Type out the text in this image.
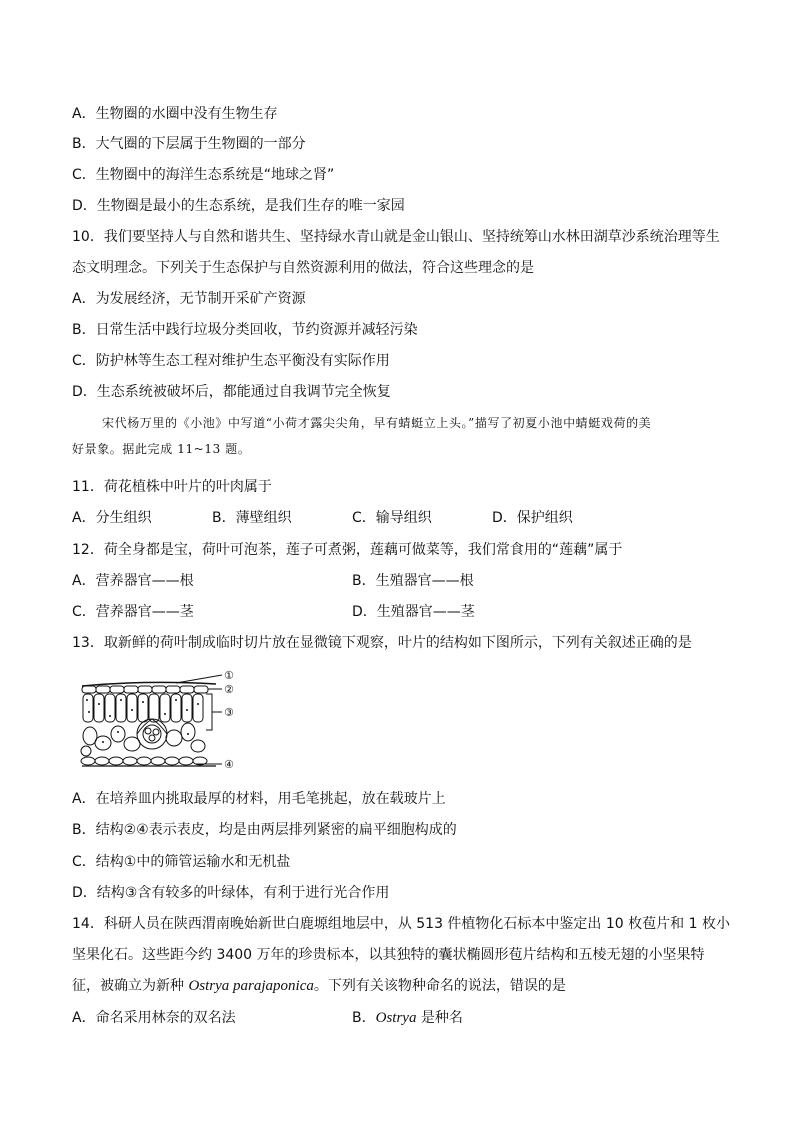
A．生物圈的水圈中没有生物生存
B．大气圈的下层属于生物圈的一部分
C．生物圈中的海洋生态系统是“地球之肾”
D．生物圈是最小的生态系统，是我们生存的唯一家园
10．我们要坚持人与自然和谐共生、坚持绿水青山就是金山银山、坚持统筹山水林田湖草沙系统治理等生
态文明理念。下列关于生态保护与自然资源利用的做法，符合这些理念的是
A．为发展经济，无节制开采矿产资源
B．日常生活中践行垃圾分类回收，节约资源并减轻污染
C．防护林等生态工程对维护生态平衡没有实际作用
D．生态系统被破坏后，都能通过自我调节完全恢复
宋代杨万里的《小池》中写道“小荷才露尖尖角，早有蜻蜓立上头。”描写了初夏小池中蜻蜓戏荷的美
好景象。据此完成 11~13 题。
11．荷花植株中叶片的叶肉属于
A．分生组织	B．薄壁组织	C．输导组织	D．保护组织
12．荷全身都是宝，荷叶可泡茶，莲子可煮粥，莲藕可做菜等，我们常食用的“莲藕”属于
A．营养器官——根	B．生殖器官——根
C．营养器官——茎	D．生殖器官——茎
13．取新鲜的荷叶制成临时切片放在显微镜下观察，叶片的结构如下图所示，下列有关叙述正确的是
①
②
③
④
A．在培养皿内挑取最厚的材料，用毛笔挑起，放在载玻片上
B．结构②④表示表皮，均是由两层排列紧密的扁平细胞构成的
C．结构①中的筛管运输水和无机盐
D．结构③含有较多的叶绿体，有利于进行光合作用
14．科研人员在陕西渭南晚始新世白鹿塬组地层中，从 513 件植物化石标本中鉴定出 10 枚苞片和 1 枚小
坚果化石。这些距今约 3400 万年的珍贵标本，以其独特的囊状椭圆形苞片结构和五棱无翅的小坚果特
征，被确立为新种 Ostrya parajaponica。下列有关该物种命名的说法，错误的是
A．命名采用林奈的双名法	B．Ostrya 是种名
